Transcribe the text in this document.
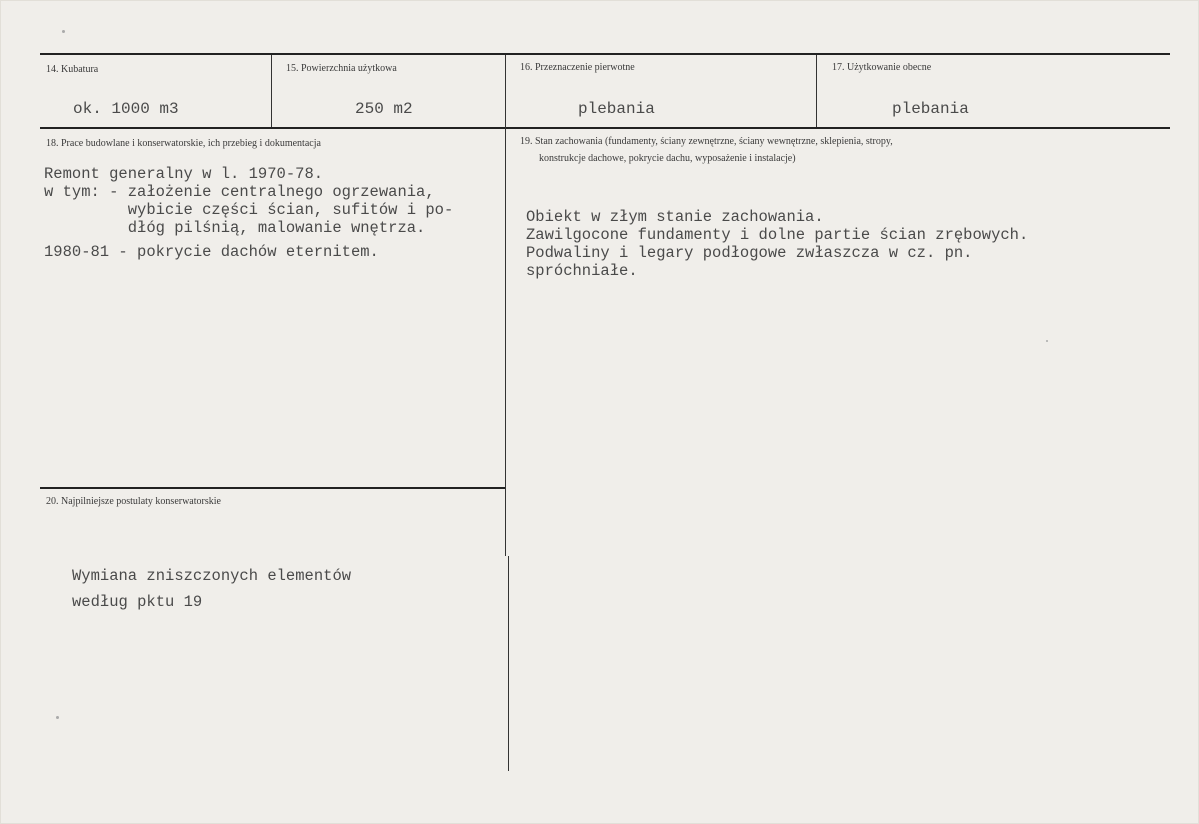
14. Kubatura	15. Powierzchnia użytkowa	16. Przeznaczenie pierwotne	17. Użytkowanie obecne
ok. 1000 m3	250 m2	plebania	plebania
18. Prace budowlane i konserwatorskie, ich przebieg i dokumentacja
Remont generalny w l. 1970-78.
w tym: - założenie centralnego ogrzewania,
wybicie części ścian, sufitów i po-
dłóg pilśnią, malowanie wnętrza.
1980-81 - pokrycie dachów eternitem.
19. Stan zachowania (fundamenty, ściany zewnętrzne, ściany wewnętrzne, sklepienia, stropy,
konstrukcje dachowe, pokrycie dachu, wyposażenie i instalacje)
Obiekt w złym stanie zachowania.
Zawilgocone fundamenty i dolne partie ścian zrębowych.
Podwaliny i legary podłogowe zwłaszcza w cz. pn.
spróchniałe.
20. Najpilniejsze postulaty konserwatorskie
Wymiana zniszczonych elementów
według pktu 19
